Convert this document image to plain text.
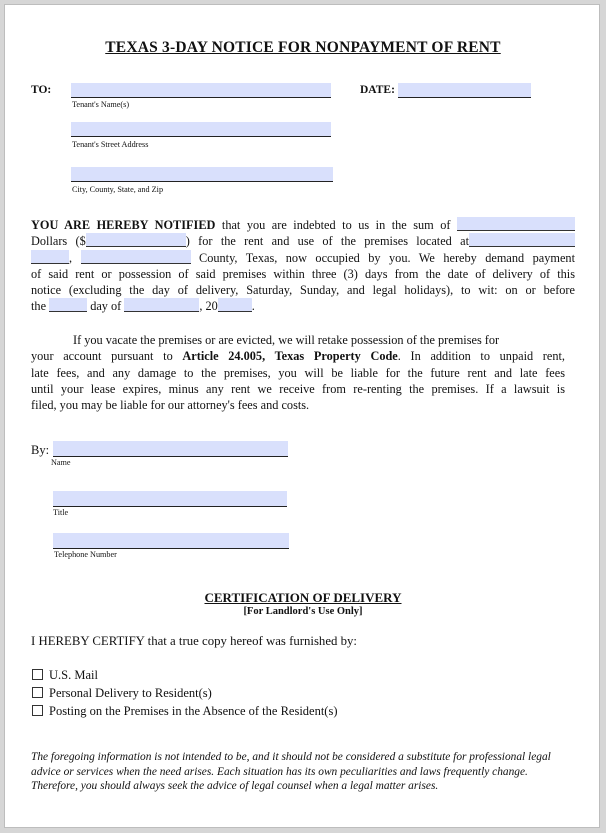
TEXAS 3-DAY NOTICE FOR NONPAYMENT OF RENT
TO:	DATE:
Tenant's Name(s)
Tenant's Street Address
City, County, State, and Zip
YOU ARE HEREBY NOTIFIED that you are indebted to us in the sum of
Dollars ($	) for the rent and use of the premises located at
,	County, Texas, now occupied by you. We hereby demand payment
of said rent or possession of said premises within three (3) days from the date of delivery of this
notice (excluding the day of delivery, Saturday, Sunday, and legal holidays), to wit: on or before
the	day of	, 20	.
If you vacate the premises or are evicted, we will retake possession of the premises for
your account pursuant to Article 24.005, Texas Property Code. In addition to unpaid rent,
late fees, and any damage to the premises, you will be liable for the future rent and late fees
until your lease expires, minus any rent we receive from re-renting the premises. If a lawsuit is
filed, you may be liable for our attorney's fees and costs.
By:
Name
Title
Telephone Number
CERTIFICATION OF DELIVERY
[For Landlord's Use Only]
I HEREBY CERTIFY that a true copy hereof was furnished by:
U.S. Mail
Personal Delivery to Resident(s)
Posting on the Premises in the Absence of the Resident(s)
The foregoing information is not intended to be, and it should not be considered a substitute for professional legal advice or services when the need arises. Each situation has its own peculiarities and laws frequently change. Therefore, you should always seek the advice of legal counsel when a legal matter arises.
